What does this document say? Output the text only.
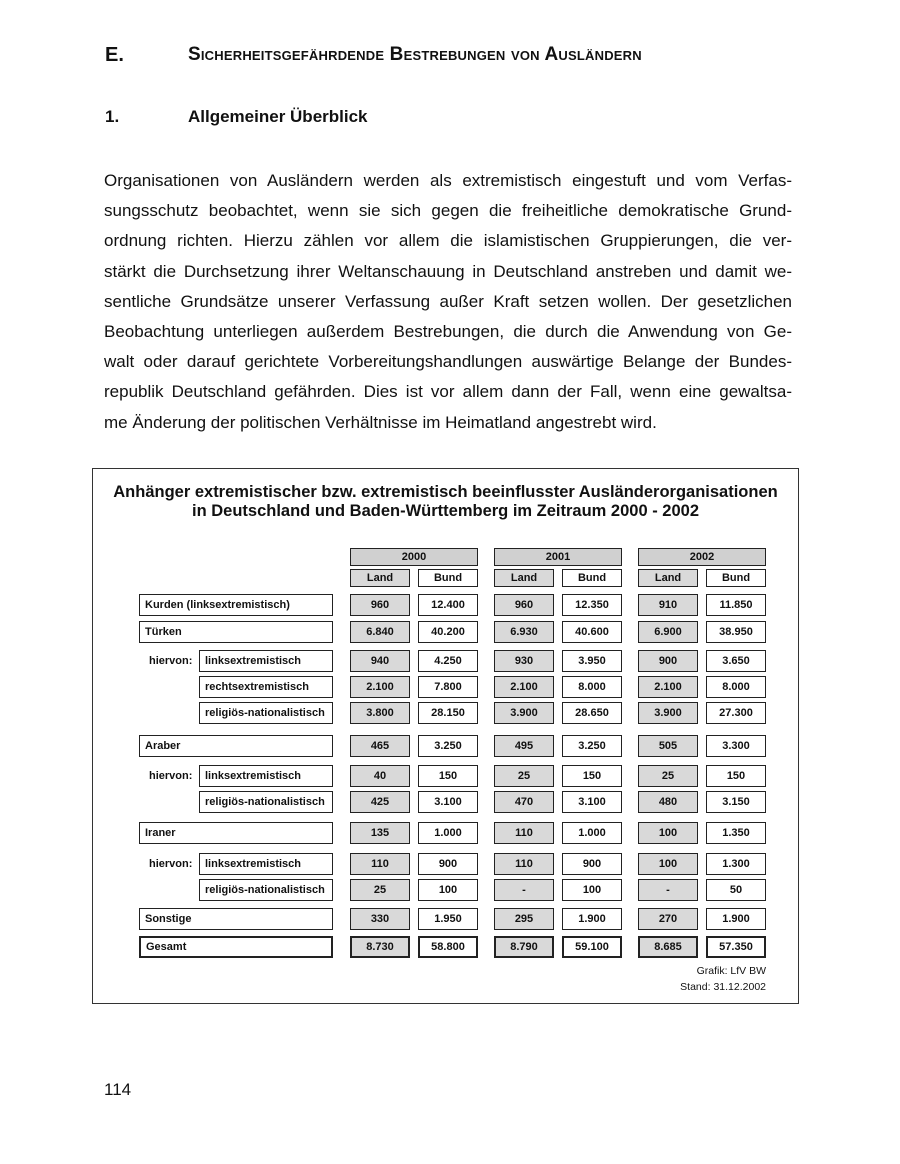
E.	Sicherheitsgefährdende Bestrebungen von Ausländern
1.	Allgemeiner Überblick
Organisationen von Ausländern werden als extremistisch eingestuft und vom Verfas-
sungsschutz beobachtet, wenn sie sich gegen die freiheitliche demokratische Grund-
ordnung richten. Hierzu zählen vor allem die islamistischen Gruppierungen, die ver-
stärkt die Durchsetzung ihrer Weltanschauung in Deutschland anstreben und damit we-
sentliche Grundsätze unserer Verfassung außer Kraft setzen wollen. Der gesetzlichen
Beobachtung unterliegen außerdem Bestrebungen, die durch die Anwendung von Ge-
walt oder darauf gerichtete Vorbereitungshandlungen auswärtige Belange der Bundes-
republik Deutschland gefährden. Dies ist vor allem dann der Fall, wenn eine gewaltsa-
me Änderung der politischen Verhältnisse im Heimatland angestrebt wird.
Anhänger extremistischer bzw. extremistisch beeinflusster Ausländerorganisationen
in Deutschland und Baden-Württemberg im Zeitraum 2000 - 2002
2000
Land	Bund
2001
Land	Bund
2002
Land	Bund
Kurden (linksextremistisch)	960	12.400	960	12.350	910	11.850
Türken	6.840	40.200	6.930	40.600	6.900	38.950
hiervon:	linksextremistisch	940	4.250	930	3.950	900	3.650
rechtsextremistisch	2.100	7.800	2.100	8.000	2.100	8.000
religiös-nationalistisch	3.800	28.150	3.900	28.650	3.900	27.300
Araber	465	3.250	495	3.250	505	3.300
hiervon:	linksextremistisch	40	150	25	150	25	150
religiös-nationalistisch	425	3.100	470	3.100	480	3.150
Iraner	135	1.000	110	1.000	100	1.350
hiervon:	linksextremistisch	110	900	110	900	100	1.300
religiös-nationalistisch	25	100	-	100	-	50
Sonstige	330	1.950	295	1.900	270	1.900
Gesamt	8.730	58.800	8.790	59.100	8.685	57.350
Grafik: LfV BW
Stand: 31.12.2002
114
